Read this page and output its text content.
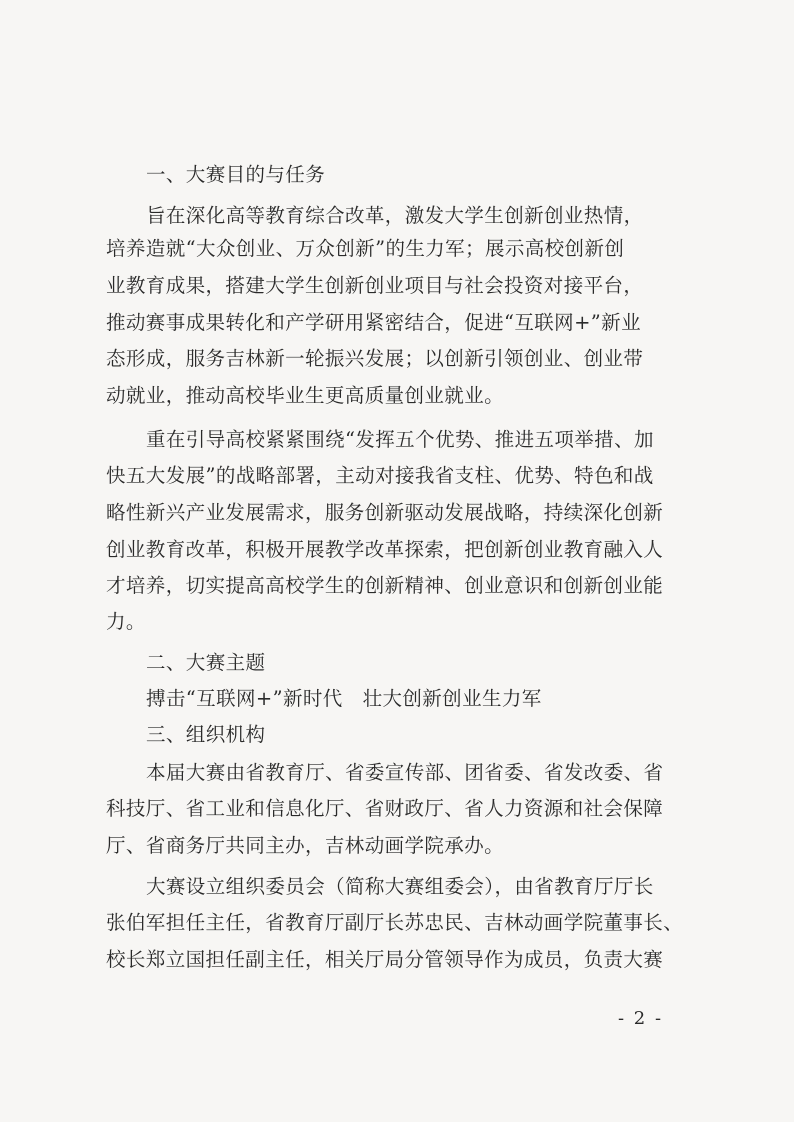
一、大赛目的与任务
旨在深化高等教育综合改革，激发大学生创新创业热情，
培养造就“大众创业、万众创新”的生力军；展示高校创新创
业教育成果，搭建大学生创新创业项目与社会投资对接平台，
推动赛事成果转化和产学研用紧密结合，促进“互联网+”新业
态形成，服务吉林新一轮振兴发展；以创新引领创业、创业带
动就业，推动高校毕业生更高质量创业就业。
重在引导高校紧紧围绕“发挥五个优势、推进五项举措、加
快五大发展”的战略部署，主动对接我省支柱、优势、特色和战
略性新兴产业发展需求，服务创新驱动发展战略，持续深化创新
创业教育改革，积极开展教学改革探索，把创新创业教育融入人
才培养，切实提高高校学生的创新精神、创业意识和创新创业能
力。
二、大赛主题
搏击“互联网+”新时代　壮大创新创业生力军
三、组织机构
本届大赛由省教育厅、省委宣传部、团省委、省发改委、省
科技厅、省工业和信息化厅、省财政厅、省人力资源和社会保障
厅、省商务厅共同主办，吉林动画学院承办。
大赛设立组织委员会（简称大赛组委会），由省教育厅厅长
张伯军担任主任，省教育厅副厅长苏忠民、吉林动画学院董事长、
校长郑立国担任副主任，相关厅局分管领导作为成员，负责大赛
- 2 -
